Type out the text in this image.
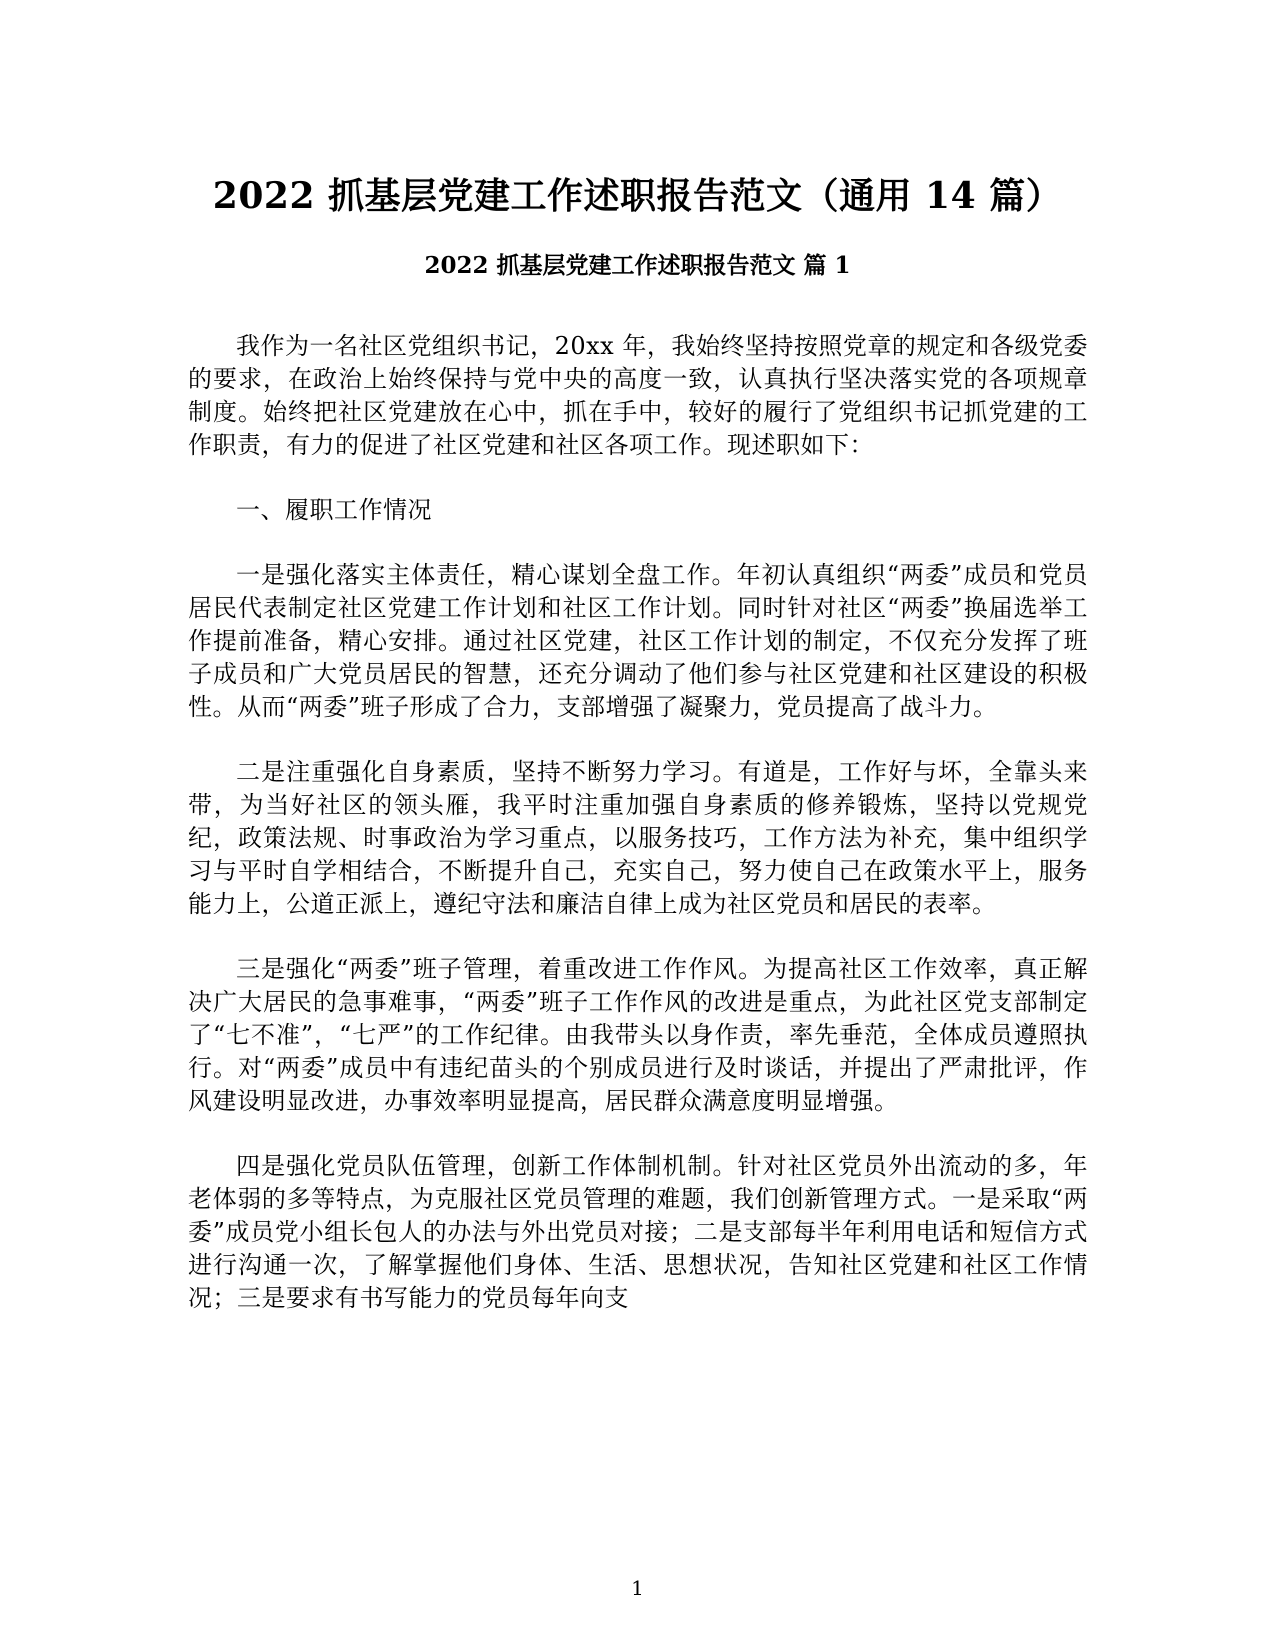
2022 抓基层党建工作述职报告范文（通用 14 篇）
2022 抓基层党建工作述职报告范文 篇 1

我作为一名社区党组织书记，20xx 年，我始终坚持按照党章的规定和各级党委的要求，在政治上始终保持与党中央的高度一致，认真执行坚决落实党的各项规章制度。始终把社区党建放在心中，抓在手中，较好的履行了党组织书记抓党建的工作职责，有力的促进了社区党建和社区各项工作。现述职如下：

一、履职工作情况

一是强化落实主体责任，精心谋划全盘工作。年初认真组织“两委”成员和党员居民代表制定社区党建工作计划和社区工作计划。同时针对社区“两委”换届选举工作提前准备，精心安排。通过社区党建，社区工作计划的制定，不仅充分发挥了班子成员和广大党员居民的智慧，还充分调动了他们参与社区党建和社区建设的积极性。从而“两委”班子形成了合力，支部增强了凝聚力，党员提高了战斗力。

二是注重强化自身素质，坚持不断努力学习。有道是，工作好与坏，全靠头来带，为当好社区的领头雁，我平时注重加强自身素质的修养锻炼，坚持以党规党纪，政策法规、时事政治为学习重点，以服务技巧，工作方法为补充，集中组织学习与平时自学相结合，不断提升自己，充实自己，努力使自己在政策水平上，服务能力上，公道正派上，遵纪守法和廉洁自律上成为社区党员和居民的表率。

三是强化“两委”班子管理，着重改进工作作风。为提高社区工作效率，真正解决广大居民的急事难事，“两委”班子工作作风的改进是重点，为此社区党支部制定了“七不准”，“七严”的工作纪律。由我带头以身作责，率先垂范，全体成员遵照执行。对“两委”成员中有违纪苗头的个别成员进行及时谈话，并提出了严肃批评，作风建设明显改进，办事效率明显提高，居民群众满意度明显增强。

四是强化党员队伍管理，创新工作体制机制。针对社区党员外出流动的多，年老体弱的多等特点，为克服社区党员管理的难题，我们创新管理方式。一是采取“两委”成员党小组长包人的办法与外出党员对接；二是支部每半年利用电话和短信方式进行沟通一次，了解掌握他们身体、生活、思想状况，告知社区党建和社区工作情况；三是要求有书写能力的党员每年向支

1
